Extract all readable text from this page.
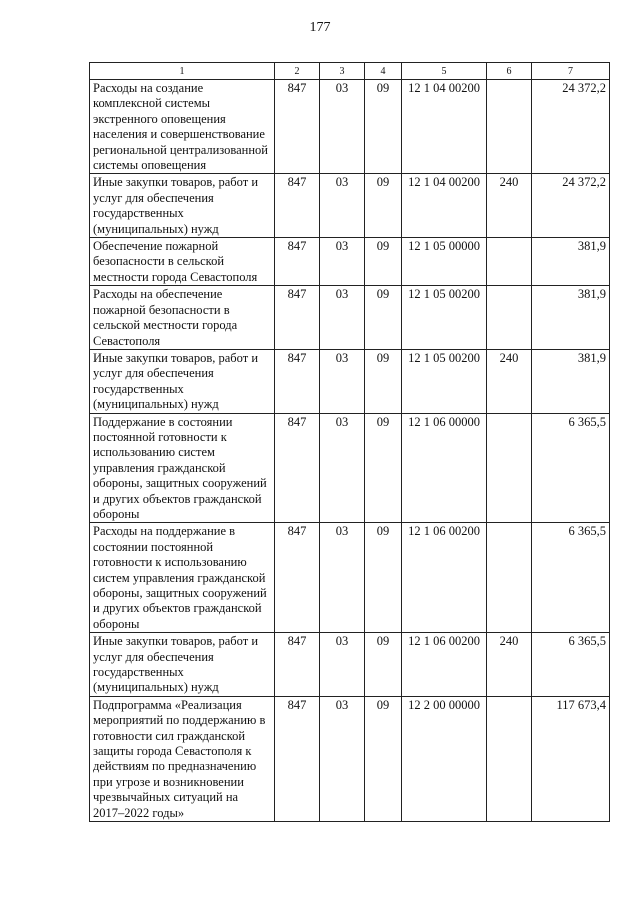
177
1	2	3	4	5	6	7
Расходы на создание комплексной системы экстренного оповещения населения и совершенствование региональной централизованной системы оповещения	847	03	09	12 1 04 00200		24 372,2
Иные закупки товаров, работ и услуг для обеспечения государственных (муниципальных) нужд	847	03	09	12 1 04 00200	240	24 372,2
Обеспечение пожарной безопасности в сельской местности города Севастополя	847	03	09	12 1 05 00000		381,9
Расходы на обеспечение пожарной безопасности в сельской местности города Севастополя	847	03	09	12 1 05 00200		381,9
Иные закупки товаров, работ и услуг для обеспечения государственных (муниципальных) нужд	847	03	09	12 1 05 00200	240	381,9
Поддержание в состоянии постоянной готовности к использованию систем управления гражданской обороны, защитных сооружений и других объектов гражданской обороны	847	03	09	12 1 06 00000		6 365,5
Расходы на поддержание в состоянии постоянной готовности к использованию систем управления гражданской обороны, защитных сооружений и других объектов гражданской обороны	847	03	09	12 1 06 00200		6 365,5
Иные закупки товаров, работ и услуг для обеспечения государственных (муниципальных) нужд	847	03	09	12 1 06 00200	240	6 365,5
Подпрограмма «Реализация мероприятий по поддержанию в готовности сил гражданской защиты города Севастополя к действиям по предназначению при угрозе и возникновении чрезвычайных ситуаций на 2017–2022 годы»	847	03	09	12 2 00 00000		117 673,4
